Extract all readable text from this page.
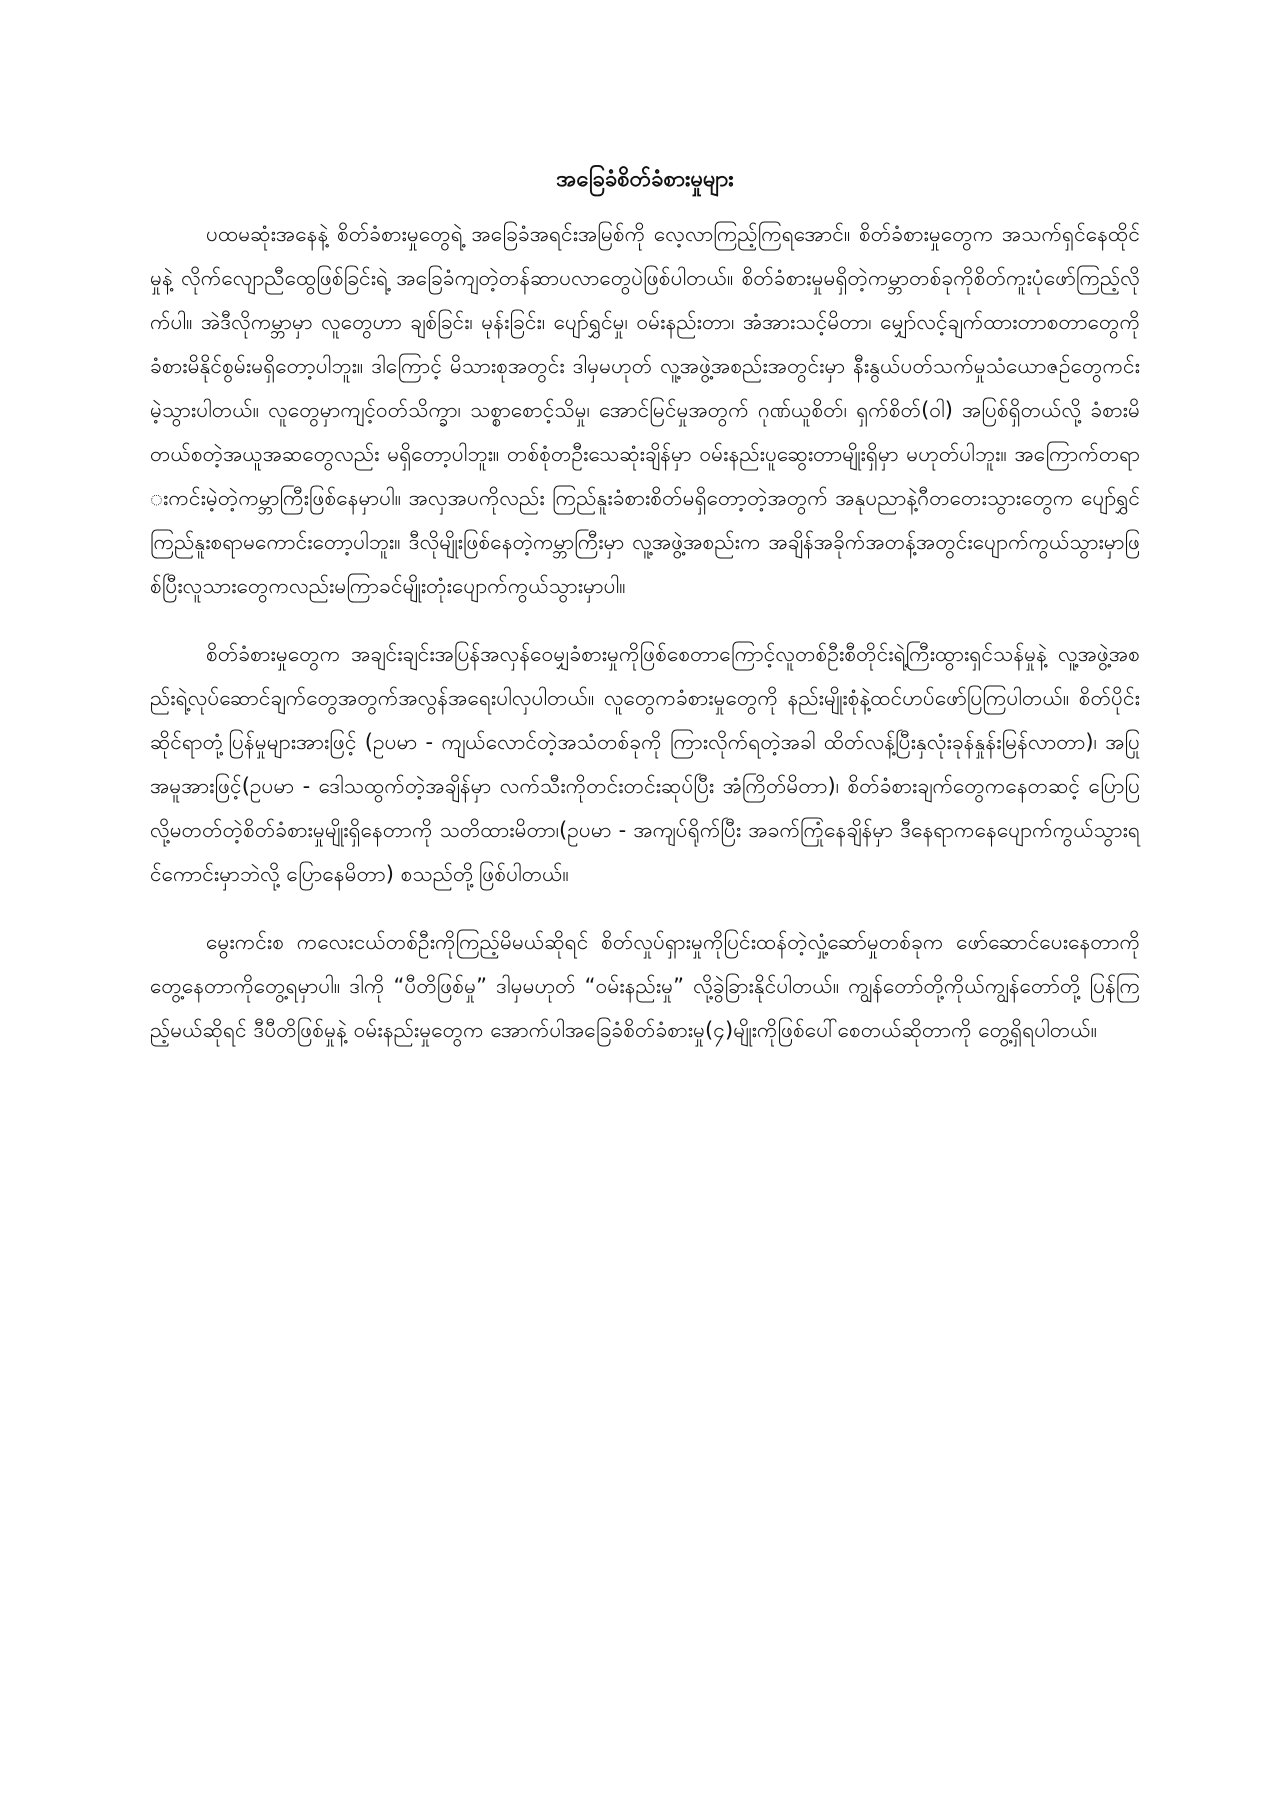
အခြေခံစိတ်ခံစားမှုများ

ပထမဆုံးအနေနဲ့ စိတ်ခံစားမှုတွေရဲ့ အခြေခံအရင်းအမြစ်ကို လေ့လာကြည့်ကြရအောင်။ စိတ်ခံစားမှုတွေက အသက်ရှင်နေထိုင်မှုနဲ့ လိုက်လျောညီထွေဖြစ်ခြင်းရဲ့ အခြေခံကျတဲ့တန်ဆာပလာတွေပဲဖြစ်ပါတယ်။ စိတ်ခံစားမှုမရှိတဲ့ကမ္ဘာတစ်ခုကိုစိတ်ကူးပုံဖော်ကြည့်လိုက်ပါ။ အဲဒီလိုကမ္ဘာမှာ လူတွေဟာ ချစ်ခြင်း၊ မုန်းခြင်း၊ ပျော်ရွှင်မှု၊ ဝမ်းနည်းတာ၊ အံအားသင့်မိတာ၊ မျှော်လင့်ချက်ထားတာစတာတွေကို ခံစားမိနိုင်စွမ်းမရှိတော့ပါဘူး။ ဒါကြောင့် မိသားစုအတွင်း ဒါမှမဟုတ် လူ့အဖွဲ့အစည်းအတွင်းမှာ နီးနွယ်ပတ်သက်မှုသံယောဇဉ်တွေကင်းမဲ့သွားပါတယ်။ လူတွေမှာကျင့်ဝတ်သိက္ခာ၊ သစ္စာစောင့်သိမှု၊ အောင်မြင်မှုအတွက် ဂုဏ်ယူစိတ်၊ ရှက်စိတ်(ဝါ) အပြစ်ရှိတယ်လို့ ခံစားမိတယ်စတဲ့အယူအဆတွေလည်း မရှိတော့ပါဘူး။ တစ်စုံတဦးသေဆုံးချိန်မှာ ဝမ်းနည်းပူဆွေးတာမျိုးရှိမှာ မဟုတ်ပါဘူး။ အကြောက်တရားကင်းမဲ့တဲ့ကမ္ဘာကြီးဖြစ်နေမှာပါ။ အလှအပကိုလည်း ကြည်နူးခံစားစိတ်မရှိတော့တဲ့အတွက် အနုပညာနဲ့ဂီတတေးသွားတွေက ပျော်ရွှင်ကြည်နူးစရာမကောင်းတော့ပါဘူး။ ဒီလိုမျိုးဖြစ်နေတဲ့ကမ္ဘာကြီးမှာ လူ့အဖွဲ့အစည်းက အချိန်အခိုက်အတန့်အတွင်းပျောက်ကွယ်သွားမှာဖြစ်ပြီးလူသားတွေကလည်းမကြာခင်မျိုးတုံးပျောက်ကွယ်သွားမှာပါ။

စိတ်ခံစားမှုတွေက အချင်းချင်းအပြန်အလှန်ဝေမျှခံစားမှုကိုဖြစ်စေတာကြောင့်လူတစ်ဦးစီတိုင်းရဲ့ကြီးထွားရှင်သန်မှုနဲ့ လူ့အဖွဲ့အစည်းရဲ့လုပ်ဆောင်ချက်တွေအတွက်အလွန်အရေးပါလှပါတယ်။ လူတွေကခံစားမှုတွေကို နည်းမျိုးစုံနဲ့ထင်ဟပ်ဖော်ပြကြပါတယ်။ စိတ်ပိုင်းဆိုင်ရာတုံ့ပြန်မှုများအားဖြင့် (ဥပမာ - ကျယ်လောင်တဲ့အသံတစ်ခုကို ကြားလိုက်ရတဲ့အခါ ထိတ်လန့်ပြီးနှလုံးခုန်နှုန်းမြန်လာတာ)၊ အပြုအမူအားဖြင့်(ဥပမာ - ဒေါသထွက်တဲ့အချိန်မှာ လက်သီးကိုတင်းတင်းဆုပ်ပြီး အံကြိတ်မိတာ)၊ စိတ်ခံစားချက်တွေကနေတဆင့် ပြောပြလို့မတတ်တဲ့စိတ်ခံစားမှုမျိုးရှိနေတာကို သတိထားမိတာ၊(ဥပမာ - အကျပ်ရိုက်ပြီး အခက်ကြုံနေချိန်မှာ ဒီနေရာကနေပျောက်ကွယ်သွားရင်ကောင်းမှာဘဲလို့ ပြောနေမိတာ) စသည်တို့ဖြစ်ပါတယ်။

မွေးကင်းစ ကလေးငယ်တစ်ဦးကိုကြည့်မိမယ်ဆိုရင် စိတ်လှုပ်ရှားမှုကိုပြင်းထန်တဲ့လှုံ့ဆော်မှုတစ်ခုက ဖော်ဆောင်ပေးနေတာကိုတွေ့နေတာကိုတွေ့ရမှာပါ။ ဒါကို “ပီတိဖြစ်မှု” ဒါမှမဟုတ် “ဝမ်းနည်းမှု” လို့ခွဲခြားနိုင်ပါတယ်။ ကျွန်တော်တို့ကိုယ်ကျွန်တော်တို့ ပြန်ကြည့်မယ်ဆိုရင် ဒီပီတိဖြစ်မှုနဲ့ ဝမ်းနည်းမှုတွေက အောက်ပါအခြေခံစိတ်ခံစားမှု(၄)မျိုးကိုဖြစ်ပေါ်စေတယ်ဆိုတာကို တွေ့ရှိရပါတယ်။
